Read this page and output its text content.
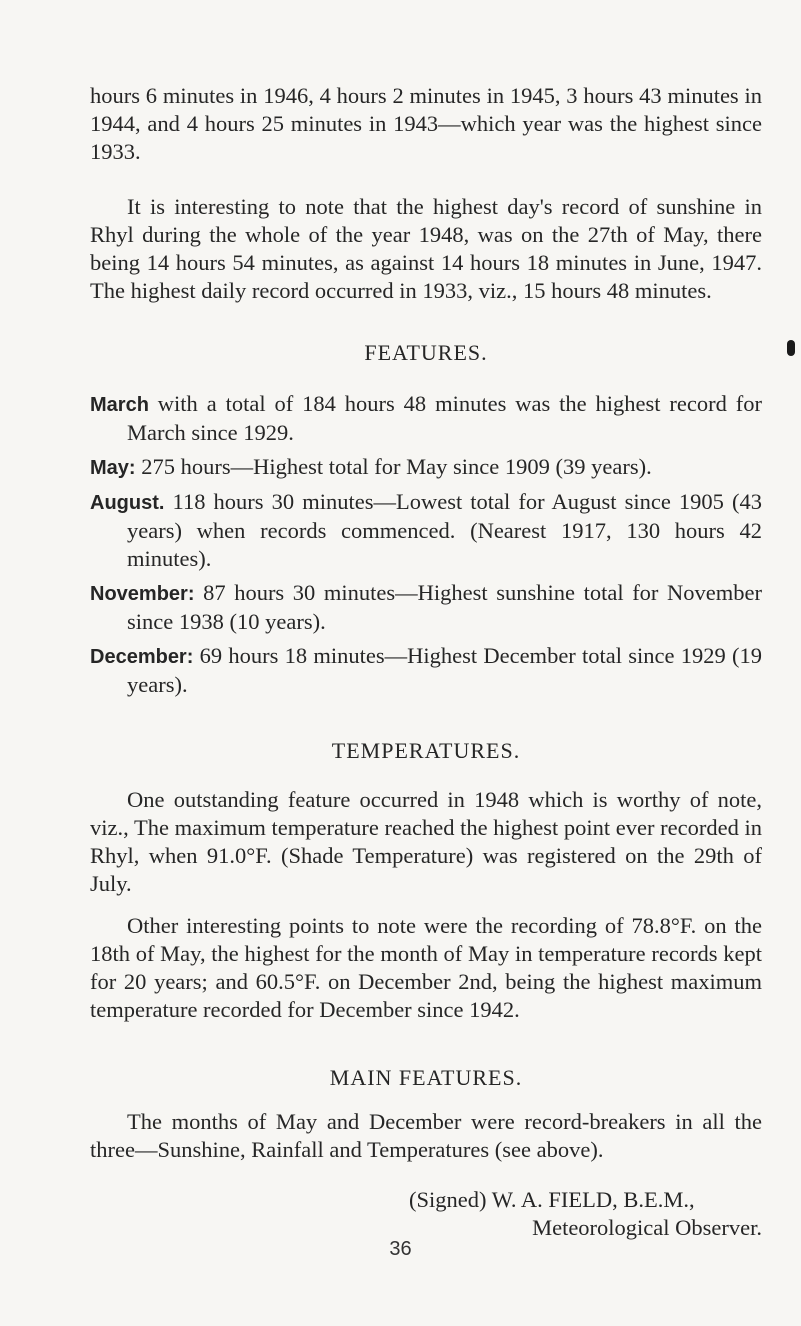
hours 6 minutes in 1946, 4 hours 2 minutes in 1945, 3 hours 43 minutes in 1944, and 4 hours 25 minutes in 1943—which year was the highest since 1933.

It is interesting to note that the highest day's record of sunshine in Rhyl during the whole of the year 1948, was on the 27th of May, there being 14 hours 54 minutes, as against 14 hours 18 minutes in June, 1947. The highest daily record occurred in 1933, viz., 15 hours 48 minutes.

FEATURES.

March with a total of 184 hours 48 minutes was the highest record for March since 1929.

May: 275 hours—Highest total for May since 1909 (39 years).

August. 118 hours 30 minutes—Lowest total for August since 1905 (43 years) when records commenced. (Nearest 1917, 130 hours 42 minutes).

November: 87 hours 30 minutes—Highest sunshine total for November since 1938 (10 years).

December: 69 hours 18 minutes—Highest December total since 1929 (19 years).

TEMPERATURES.

One outstanding feature occurred in 1948 which is worthy of note, viz., The maximum temperature reached the highest point ever recorded in Rhyl, when 91.0°F. (Shade Temperature) was registered on the 29th of July.

Other interesting points to note were the recording of 78.8°F. on the 18th of May, the highest for the month of May in temperature records kept for 20 years; and 60.5°F. on December 2nd, being the highest maximum temperature recorded for December since 1942.

MAIN FEATURES.

The months of May and December were record-breakers in all the three—Sunshine, Rainfall and Temperatures (see above).

(Signed) W. A. FIELD, B.E.M.,

Meteorological Observer.

36
